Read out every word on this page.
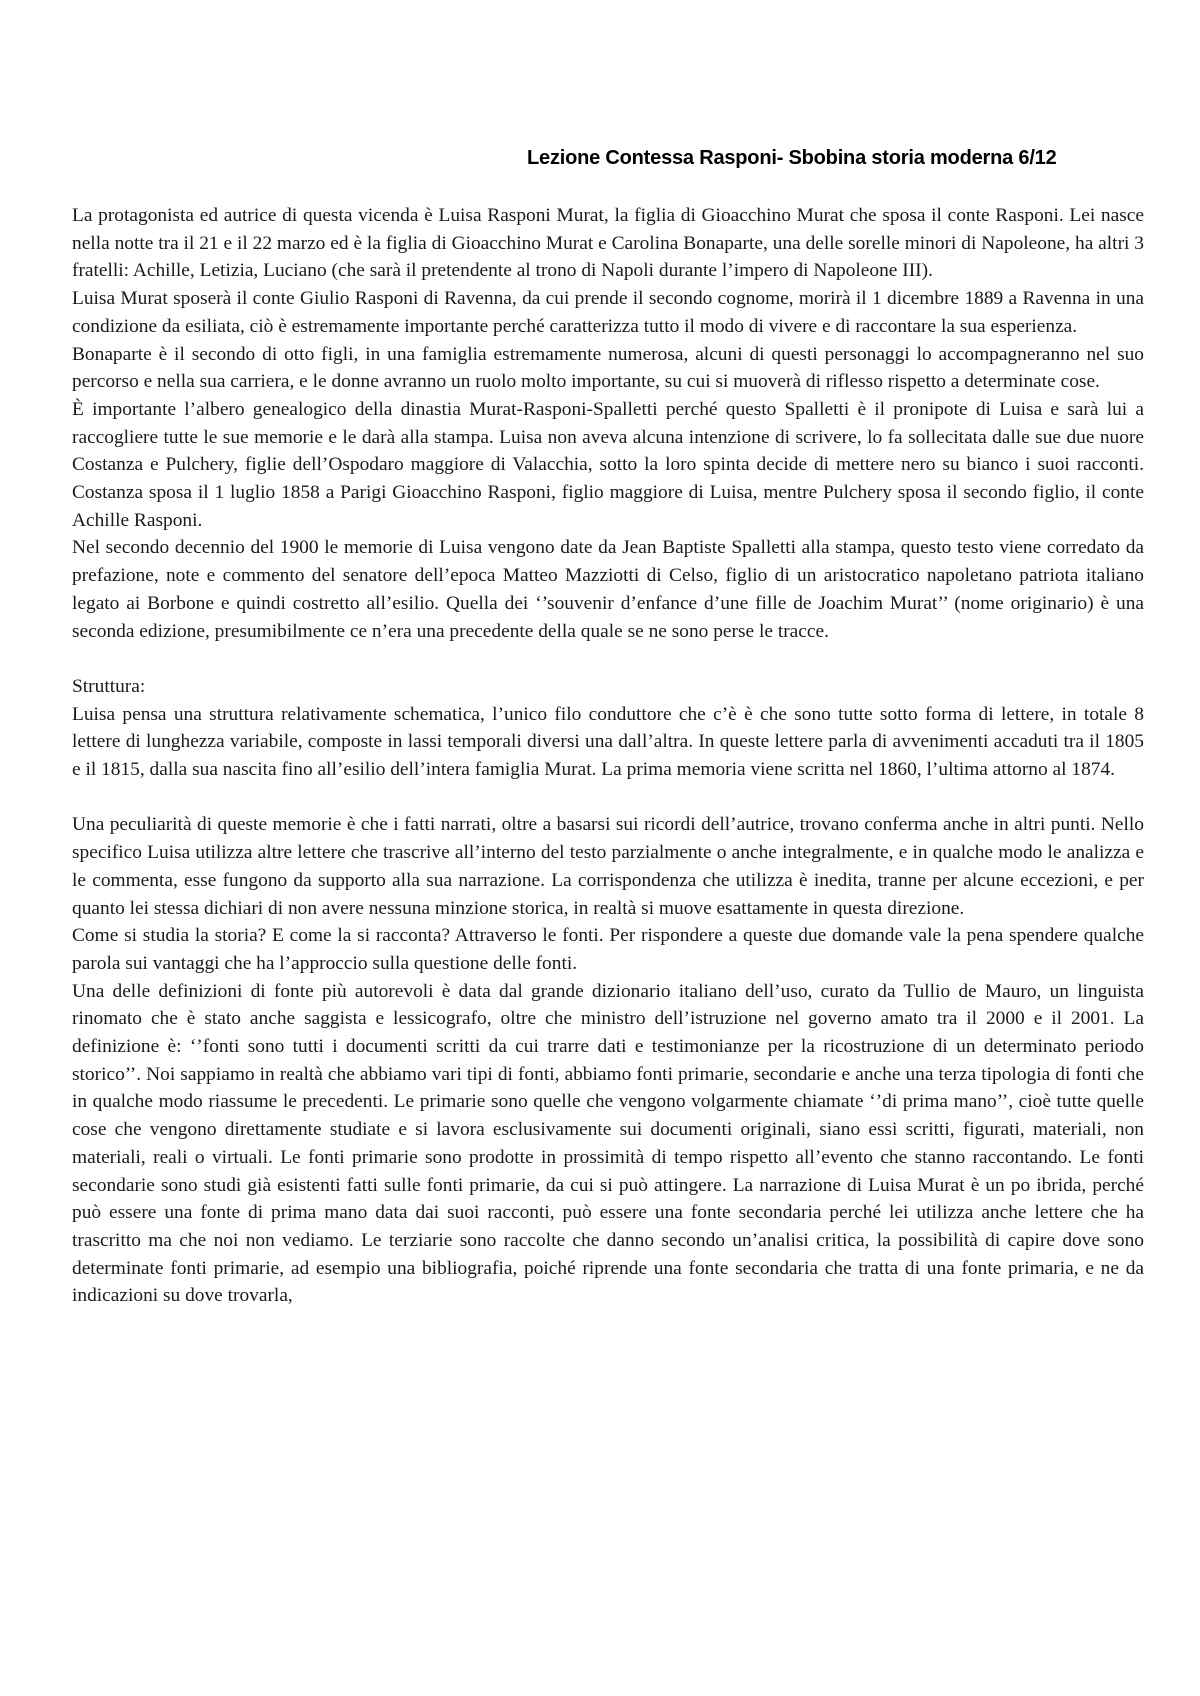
Lezione Contessa Rasponi- Sbobina storia moderna 6/12

La protagonista ed autrice di questa vicenda è Luisa Rasponi Murat, la figlia di Gioacchino Murat che sposa il conte Rasponi. Lei nasce nella notte tra il 21 e il 22 marzo ed è la figlia di Gioacchino Murat e Carolina Bonaparte, una delle sorelle minori di Napoleone, ha altri 3 fratelli: Achille, Letizia, Luciano (che sarà il pretendente al trono di Napoli durante l’impero di Napoleone III).

Luisa Murat sposerà il conte Giulio Rasponi di Ravenna, da cui prende il secondo cognome, morirà il 1 dicembre 1889 a Ravenna in una condizione da esiliata, ciò è estremamente importante perché caratterizza tutto il modo di vivere e di raccontare la sua esperienza.

Bonaparte è il secondo di otto figli, in una famiglia estremamente numerosa, alcuni di questi personaggi lo accompagneranno nel suo percorso e nella sua carriera, e le donne avranno un ruolo molto importante, su cui si muoverà di riflesso rispetto a determinate cose.

È importante l’albero genealogico della dinastia Murat-Rasponi-Spalletti perché questo Spalletti è il pronipote di Luisa e sarà lui a raccogliere tutte le sue memorie e le darà alla stampa. Luisa non aveva alcuna intenzione di scrivere, lo fa sollecitata dalle sue due nuore Costanza e Pulchery, figlie dell’Ospodaro maggiore di Valacchia, sotto la loro spinta decide di mettere nero su bianco i suoi racconti. Costanza sposa il 1 luglio 1858 a Parigi Gioacchino Rasponi, figlio maggiore di Luisa, mentre Pulchery sposa il secondo figlio, il conte Achille Rasponi.

Nel secondo decennio del 1900 le memorie di Luisa vengono date da Jean Baptiste Spalletti alla stampa, questo testo viene corredato da prefazione, note e commento del senatore dell’epoca Matteo Mazziotti di Celso, figlio di un aristocratico napoletano patriota italiano legato ai Borbone e quindi costretto all’esilio. Quella dei ‘’souvenir d’enfance d’une fille de Joachim Murat’’ (nome originario) è una seconda edizione, presumibilmente ce n’era una precedente della quale se ne sono perse le tracce.

Struttura:

Luisa pensa una struttura relativamente schematica, l’unico filo conduttore che c’è è che sono tutte sotto forma di lettere, in totale 8 lettere di lunghezza variabile, composte in lassi temporali diversi una dall’altra. In queste lettere parla di avvenimenti accaduti tra il 1805 e il 1815, dalla sua nascita fino all’esilio dell’intera famiglia Murat. La prima memoria viene scritta nel 1860, l’ultima attorno al 1874.

Una peculiarità di queste memorie è che i fatti narrati, oltre a basarsi sui ricordi dell’autrice, trovano conferma anche in altri punti. Nello specifico Luisa utilizza altre lettere che trascrive all’interno del testo parzialmente o anche integralmente, e in qualche modo le analizza e le commenta, esse fungono da supporto alla sua narrazione. La corrispondenza che utilizza è inedita, tranne per alcune eccezioni, e per quanto lei stessa dichiari di non avere nessuna minzione storica, in realtà si muove esattamente in questa direzione.

Come si studia la storia? E come la si racconta? Attraverso le fonti. Per rispondere a queste due domande vale la pena spendere qualche parola sui vantaggi che ha l’approccio sulla questione delle fonti.

Una delle definizioni di fonte più autorevoli è data dal grande dizionario italiano dell’uso, curato da Tullio de Mauro, un linguista rinomato che è stato anche saggista e lessicografo, oltre che ministro dell’istruzione nel governo amato tra il 2000 e il 2001. La definizione è: ‘’fonti sono tutti i documenti scritti da cui trarre dati e testimonianze per la ricostruzione di un determinato periodo storico’’. Noi sappiamo in realtà che abbiamo vari tipi di fonti, abbiamo fonti primarie, secondarie e anche una terza tipologia di fonti che in qualche modo riassume le precedenti. Le primarie sono quelle che vengono volgarmente chiamate ‘’di prima mano’’, cioè tutte quelle cose che vengono direttamente studiate e si lavora esclusivamente sui documenti originali, siano essi scritti, figurati, materiali, non materiali, reali o virtuali. Le fonti primarie sono prodotte in prossimità di tempo rispetto all’evento che stanno raccontando. Le fonti secondarie sono studi già esistenti fatti sulle fonti primarie, da cui si può attingere. La narrazione di Luisa Murat è un po ibrida, perché può essere una fonte di prima mano data dai suoi racconti, può essere una fonte secondaria perché lei utilizza anche lettere che ha trascritto ma che noi non vediamo. Le terziarie sono raccolte che danno secondo un’analisi critica, la possibilità di capire dove sono determinate fonti primarie, ad esempio una bibliografia, poiché riprende una fonte secondaria che tratta di una fonte primaria, e ne da indicazioni su dove trovarla,
